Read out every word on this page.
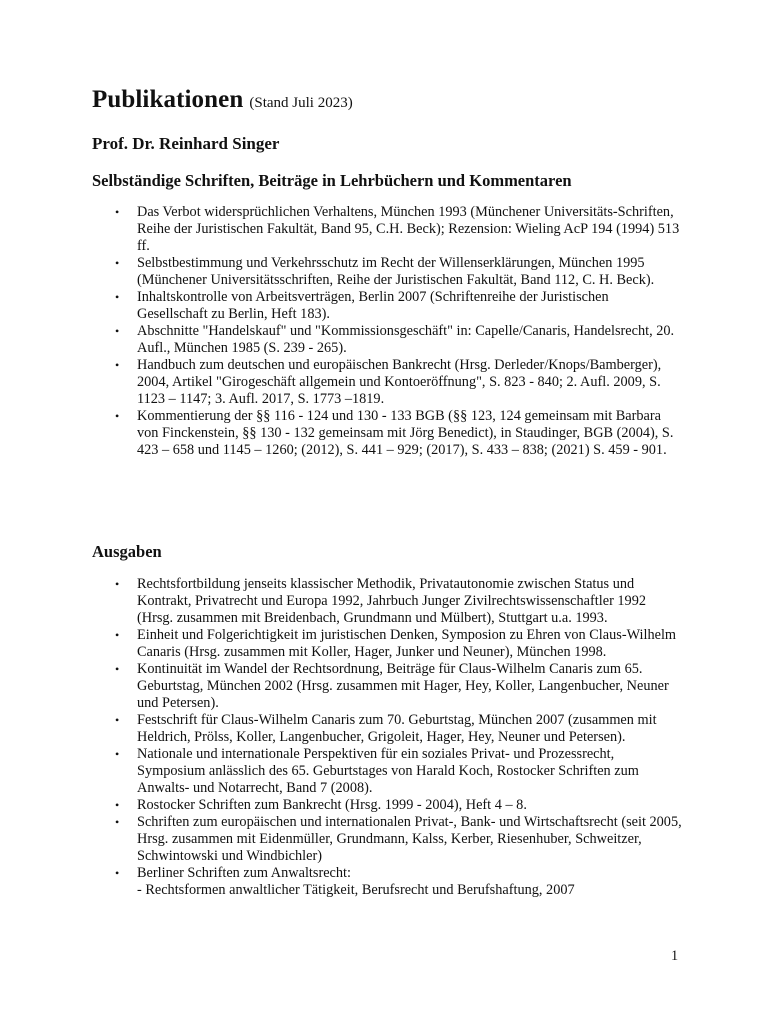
Publikationen (Stand Juli 2023)
Prof. Dr. Reinhard Singer
Selbständige Schriften, Beiträge in Lehrbüchern und Kommentaren
• Das Verbot widersprüchlichen Verhaltens, München 1993 (Münchener Universitäts-Schriften, Reihe der Juristischen Fakultät, Band 95, C.H. Beck); Rezension: Wieling AcP 194 (1994) 513 ff.
• Selbstbestimmung und Verkehrsschutz im Recht der Willenserklärungen, München 1995 (Münchener Universitätsschriften, Reihe der Juristischen Fakultät, Band 112, C. H. Beck).
• Inhaltskontrolle von Arbeitsverträgen, Berlin 2007 (Schriftenreihe der Juristischen Gesellschaft zu Berlin, Heft 183).
• Abschnitte "Handelskauf" und "Kommissionsgeschäft" in: Capelle/Canaris, Handelsrecht, 20. Aufl., München 1985 (S. 239 - 265).
• Handbuch zum deutschen und europäischen Bankrecht (Hrsg. Derleder/Knops/Bamberger), 2004, Artikel "Girogeschäft allgemein und Kontoeröffnung", S. 823 - 840; 2. Aufl. 2009, S. 1123 – 1147; 3. Aufl. 2017, S. 1773 –1819.
• Kommentierung der §§ 116 - 124 und 130 - 133 BGB (§§ 123, 124 gemeinsam mit Barbara von Finckenstein, §§ 130 - 132 gemeinsam mit Jörg Benedict), in Staudinger, BGB (2004), S. 423 – 658 und 1145 – 1260; (2012), S. 441 – 929; (2017), S. 433 – 838; (2021) S. 459 - 901.
Ausgaben
• Rechtsfortbildung jenseits klassischer Methodik, Privatautonomie zwischen Status und Kontrakt, Privatrecht und Europa 1992, Jahrbuch Junger Zivilrechtswissenschaftler 1992 (Hrsg. zusammen mit Breidenbach, Grundmann und Mülbert), Stuttgart u.a. 1993.
• Einheit und Folgerichtigkeit im juristischen Denken, Symposion zu Ehren von Claus-Wilhelm Canaris (Hrsg. zusammen mit Koller, Hager, Junker und Neuner), München 1998.
• Kontinuität im Wandel der Rechtsordnung, Beiträge für Claus-Wilhelm Canaris zum 65. Geburtstag, München 2002 (Hrsg. zusammen mit Hager, Hey, Koller, Langenbucher, Neuner und Petersen).
• Festschrift für Claus-Wilhelm Canaris zum 70. Geburtstag, München 2007 (zusammen mit Heldrich, Prölss, Koller, Langenbucher, Grigoleit, Hager, Hey, Neuner und Petersen).
• Nationale und internationale Perspektiven für ein soziales Privat- und Prozessrecht, Symposium anlässlich des 65. Geburtstages von Harald Koch, Rostocker Schriften zum Anwalts- und Notarrecht, Band 7 (2008).
• Rostocker Schriften zum Bankrecht (Hrsg. 1999 - 2004), Heft 4 – 8.
• Schriften zum europäischen und internationalen Privat-, Bank- und Wirtschaftsrecht (seit 2005, Hrsg. zusammen mit Eidenmüller, Grundmann, Kalss, Kerber, Riesenhuber, Schweitzer, Schwintowski und Windbichler)
• Berliner Schriften zum Anwaltsrecht:
- Rechtsformen anwaltlicher Tätigkeit, Berufsrecht und Berufshaftung, 2007
1
